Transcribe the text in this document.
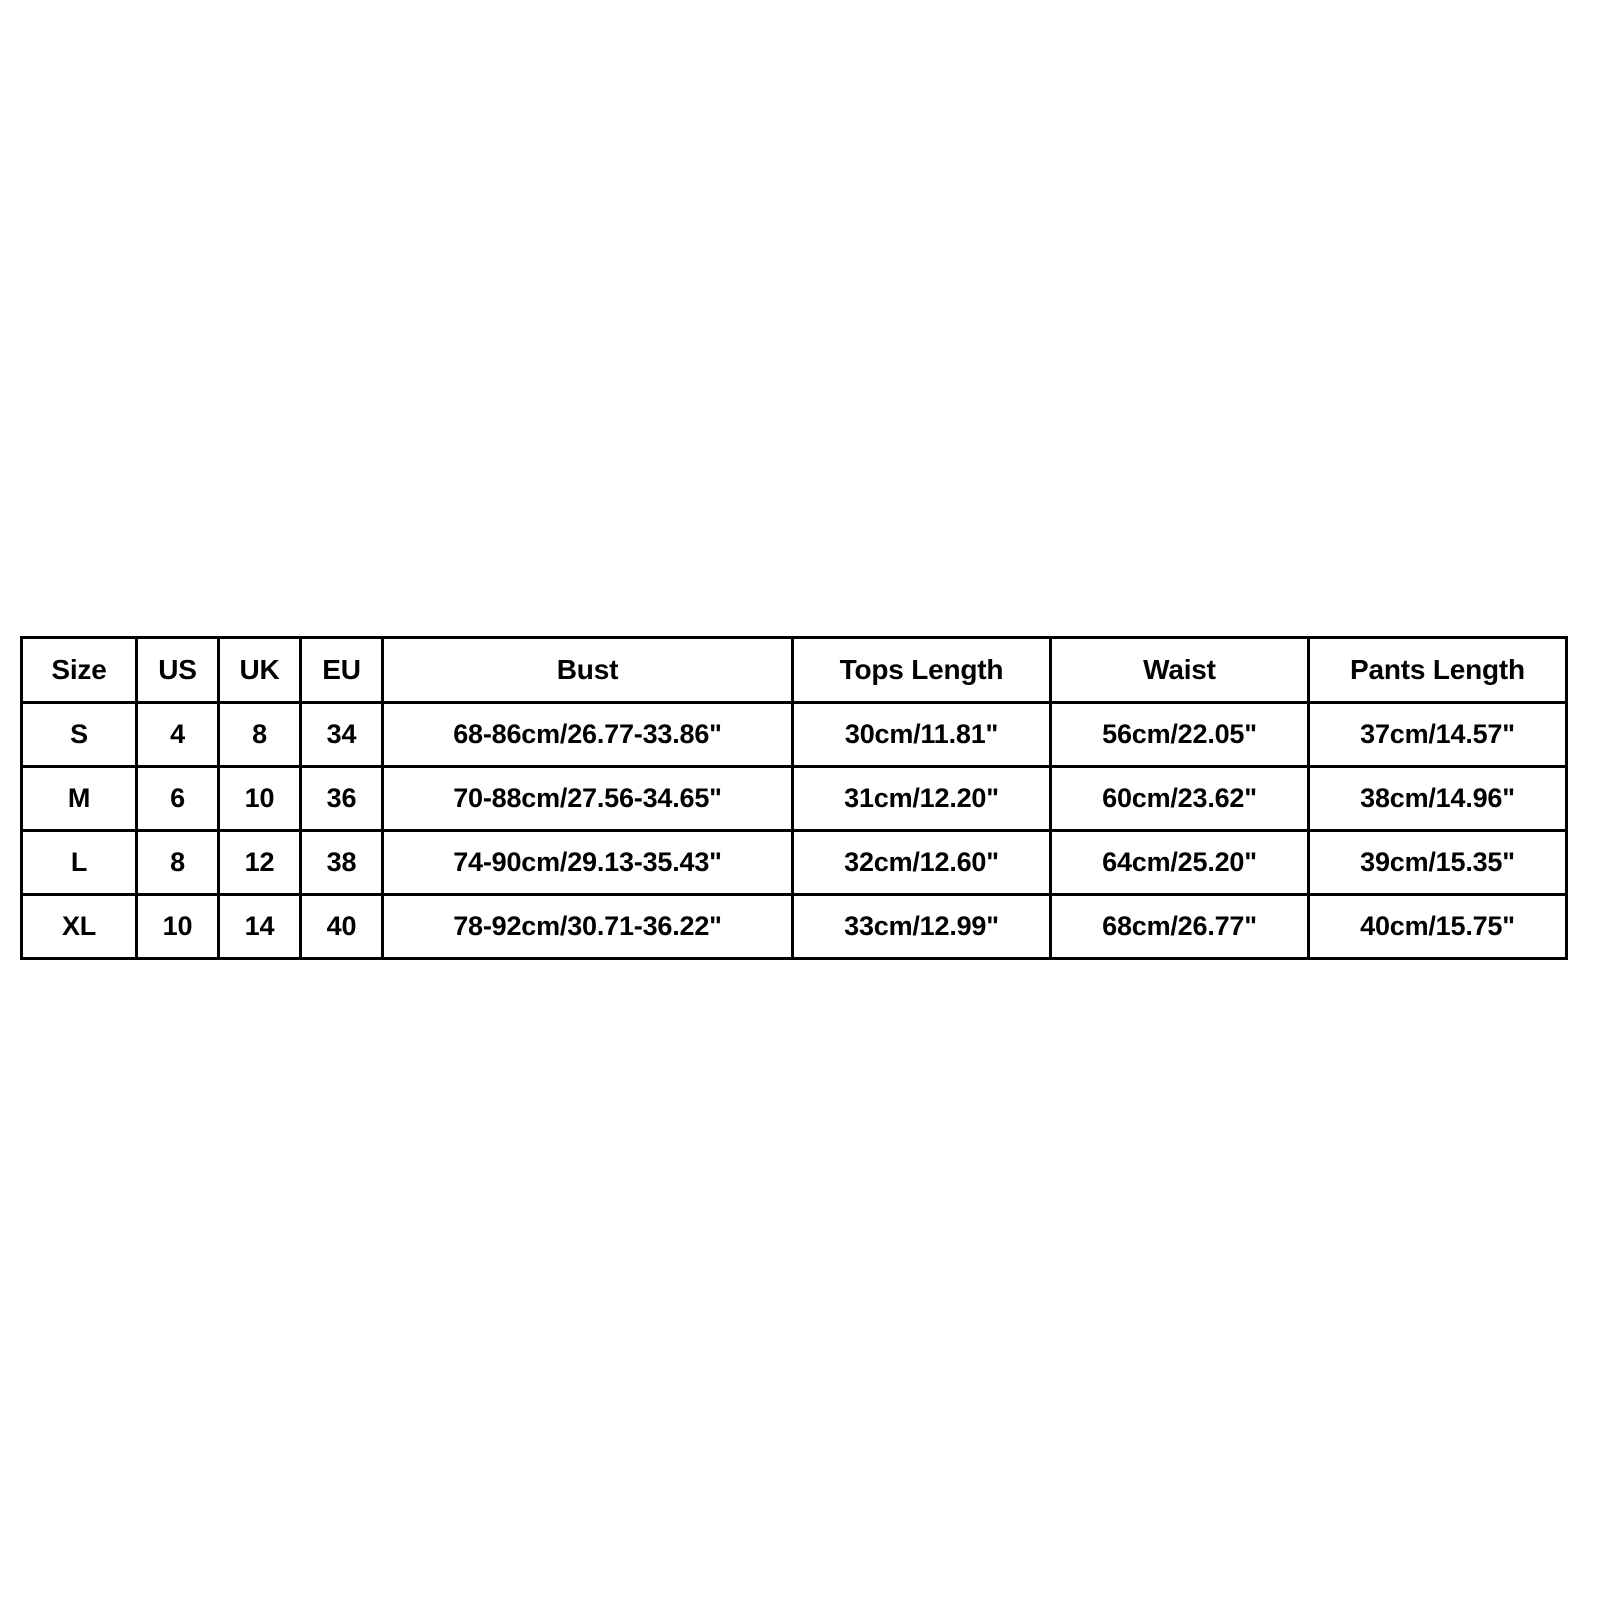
Size	US	UK	EU	Bust	Tops Length	Waist	Pants Length
S	4	8	34	68-86cm/26.77-33.86"	30cm/11.81"	56cm/22.05"	37cm/14.57"
M	6	10	36	70-88cm/27.56-34.65"	31cm/12.20"	60cm/23.62"	38cm/14.96"
L	8	12	38	74-90cm/29.13-35.43"	32cm/12.60"	64cm/25.20"	39cm/15.35"
XL	10	14	40	78-92cm/30.71-36.22"	33cm/12.99"	68cm/26.77"	40cm/15.75"
